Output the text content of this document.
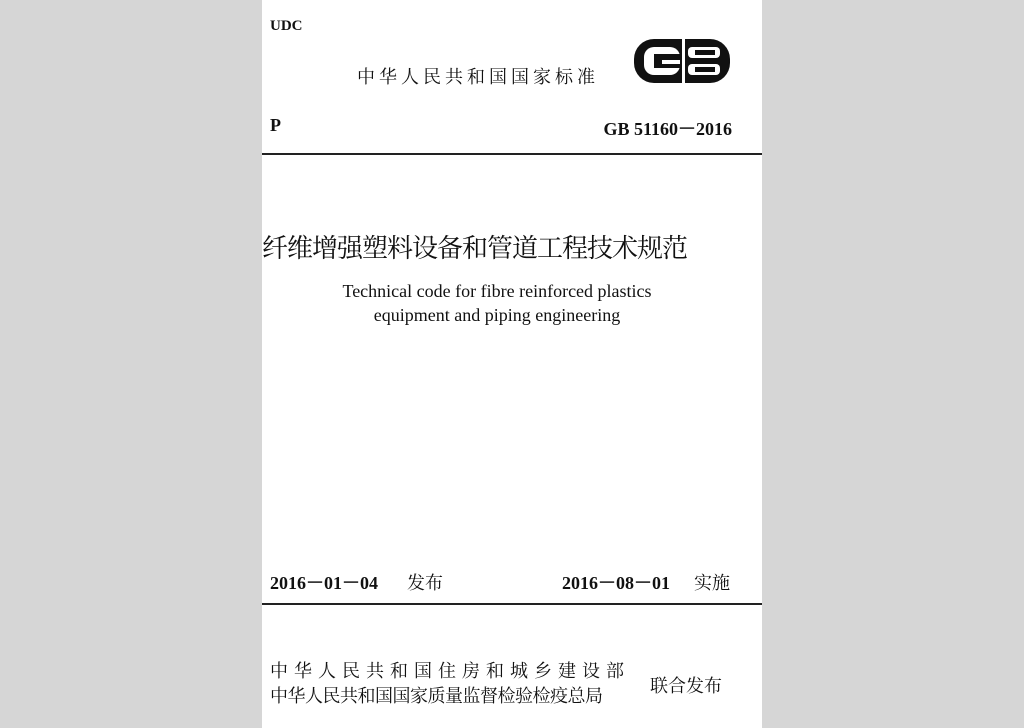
UDC
中华人民共和国国家标准
P	GB 51160－2016
纤维增强塑料设备和管道工程技术规范
Technical code for fibre reinforced plastics
equipment and piping engineering
2016－01－04 发布	2016－08－01 实施
中华人民共和国住房和城乡建设部
中华人民共和国国家质量监督检验检疫总局	联合发布
